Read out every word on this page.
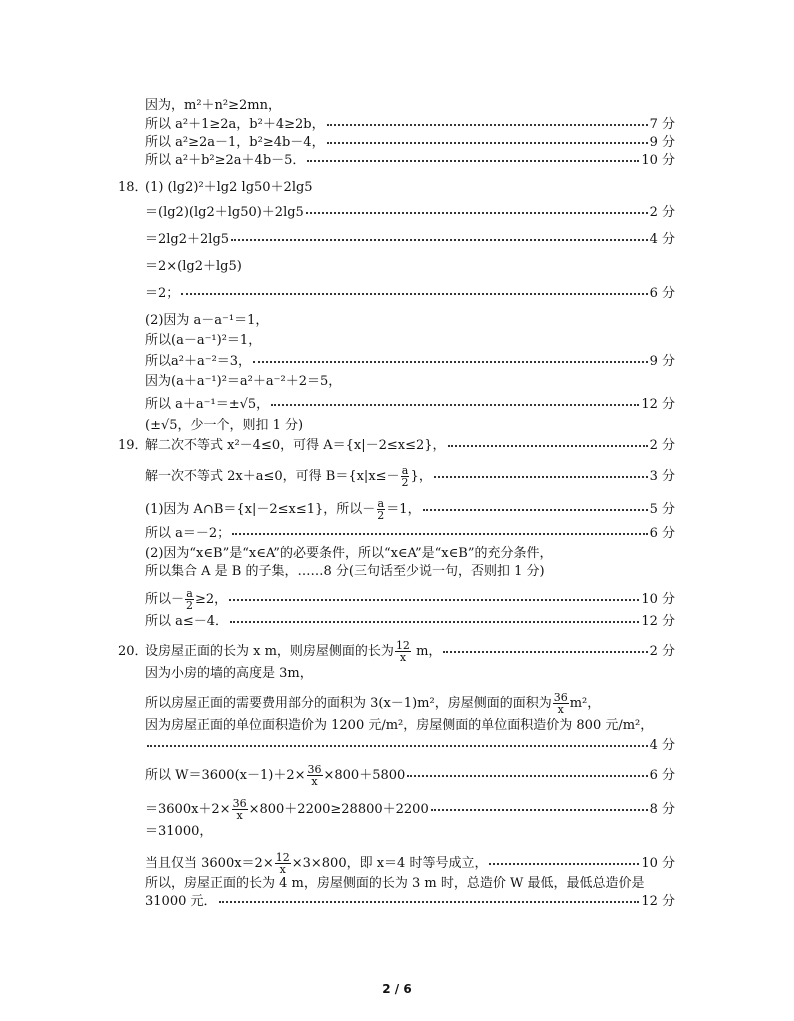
因为，m²＋n²≥2mn，
所以 a²＋1≥2a，b²＋4≥2b，	7 分
所以 a²≥2a－1，b²≥4b－4，	9 分
所以 a²＋b²≥2a＋4b－5．	10 分
18．
(1) (lg2)²＋lg2 lg50＋2lg5
＝(lg2)(lg2＋lg50)＋2lg5	2 分
＝2lg2＋2lg5	4 分
＝2×(lg2＋lg5)
＝2；	6 分
(2)因为 a－a⁻¹＝1，
所以(a－a⁻¹)²＝1，
所以a²＋a⁻²＝3，	9 分
因为(a＋a⁻¹)²＝a²＋a⁻²＋2＝5，
所以 a＋a⁻¹＝±√5，	12 分
(±√5，少一个，则扣 1 分)
19．
解二次不等式 x²－4≤0，可得 A＝{x|－2≤x≤2}，	2 分
解一次不等式 2x＋a≤0，可得 $B=\{x|x\le- \frac{a}{2}$ }，	3 分
(1)因为 A∩B＝{x|－2≤x≤1}，所以－ $\frac{a}{2} =1$，	5 分
所以 a＝－2；	6 分
(2)因为“x∈B”是“x∈A”的必要条件，所以“x∈A”是“x∈B”的充分条件，
所以集合 A 是 B 的子集，……8 分(三句话至少说一句，否则扣 1 分)
所以－ $\frac{a}{2} \ge 2$，	10 分
所以 a≤－4．	12 分
20．
设房屋正面的长为 x m，则房屋侧面的长为 $\frac{12}{x}$ m，	2 分
因为小房的墙的高度是 3m，
所以房屋正面的需要费用部分的面积为 3(x－1)m²，房屋侧面的面积为 $\frac{36}{x} m^2$，
因为房屋正面的单位面积造价为 1200 元/m²，房屋侧面的单位面积造价为 800 元/m²，
4 分
所以 $W=3600(x-1)+2\times \frac{36}{x} \times 800+5800$	6 分
$=3600x+2\times \frac{36}{x} \times 800+2200\ge 28800+2200$	8 分
＝31000，
当且仅当 $3600x=2\times \frac{12}{x} \times 3\times 800$，即 x＝4 时等号成立，	10 分
所以，房屋正面的长为 4 m，房屋侧面的长为 3 m 时，总造价 W 最低，最低总造价是
31000 元．	12 分
2 / 6
